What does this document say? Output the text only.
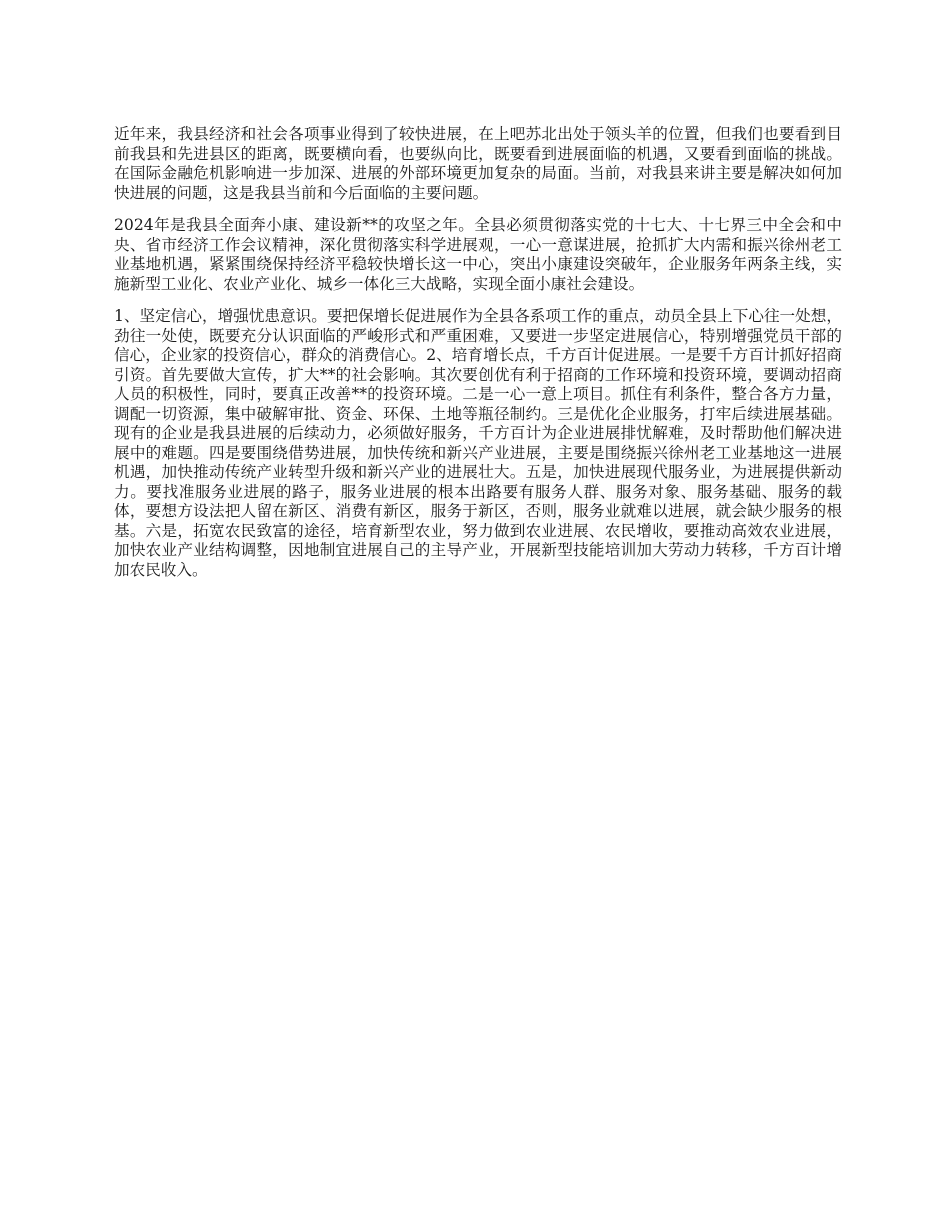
近年来，我县经济和社会各项事业得到了较快进展，在上吧苏北出处于领头羊的位置，但我们也要看到目前我县和先进县区的距离，既要横向看，也要纵向比，既要看到进展面临的机遇，又要看到面临的挑战。在国际金融危机影响进一步加深、进展的外部环境更加复杂的局面。当前，对我县来讲主要是解决如何加快进展的问题，这是我县当前和今后面临的主要问题。

2024年是我县全面奔小康、建设新**的攻坚之年。全县必须贯彻落实党的十七大、十七界三中全会和中央、省市经济工作会议精神，深化贯彻落实科学进展观，一心一意谋进展，抢抓扩大内需和振兴徐州老工业基地机遇，紧紧围绕保持经济平稳较快增长这一中心，突出小康建设突破年，企业服务年两条主线，实施新型工业化、农业产业化、城乡一体化三大战略，实现全面小康社会建设。

1、坚定信心，增强忧患意识。要把保增长促进展作为全县各系项工作的重点，动员全县上下心往一处想，劲往一处使，既要充分认识面临的严峻形式和严重困难，又要进一步坚定进展信心，特别增强党员干部的信心，企业家的投资信心，群众的消费信心。2、培育增长点，千方百计促进展。一是要千方百计抓好招商引资。首先要做大宣传，扩大**的社会影响。其次要创优有利于招商的工作环境和投资环境，要调动招商人员的积极性，同时，要真正改善**的投资环境。二是一心一意上项目。抓住有利条件，整合各方力量，调配一切资源，集中破解审批、资金、环保、土地等瓶径制约。三是优化企业服务，打牢后续进展基础。现有的企业是我县进展的后续动力，必须做好服务，千方百计为企业进展排忧解难，及时帮助他们解决进展中的难题。四是要围绕借势进展，加快传统和新兴产业进展，主要是围绕振兴徐州老工业基地这一进展机遇，加快推动传统产业转型升级和新兴产业的进展壮大。五是，加快进展现代服务业，为进展提供新动力。要找准服务业进展的路子，服务业进展的根本出路要有服务人群、服务对象、服务基础、服务的载体，要想方设法把人留在新区、消费有新区，服务于新区，否则，服务业就难以进展，就会缺少服务的根基。六是，拓宽农民致富的途径，培育新型农业，努力做到农业进展、农民增收，要推动高效农业进展，加快农业产业结构调整，因地制宜进展自己的主导产业，开展新型技能培训加大劳动力转移，千方百计增加农民收入。
